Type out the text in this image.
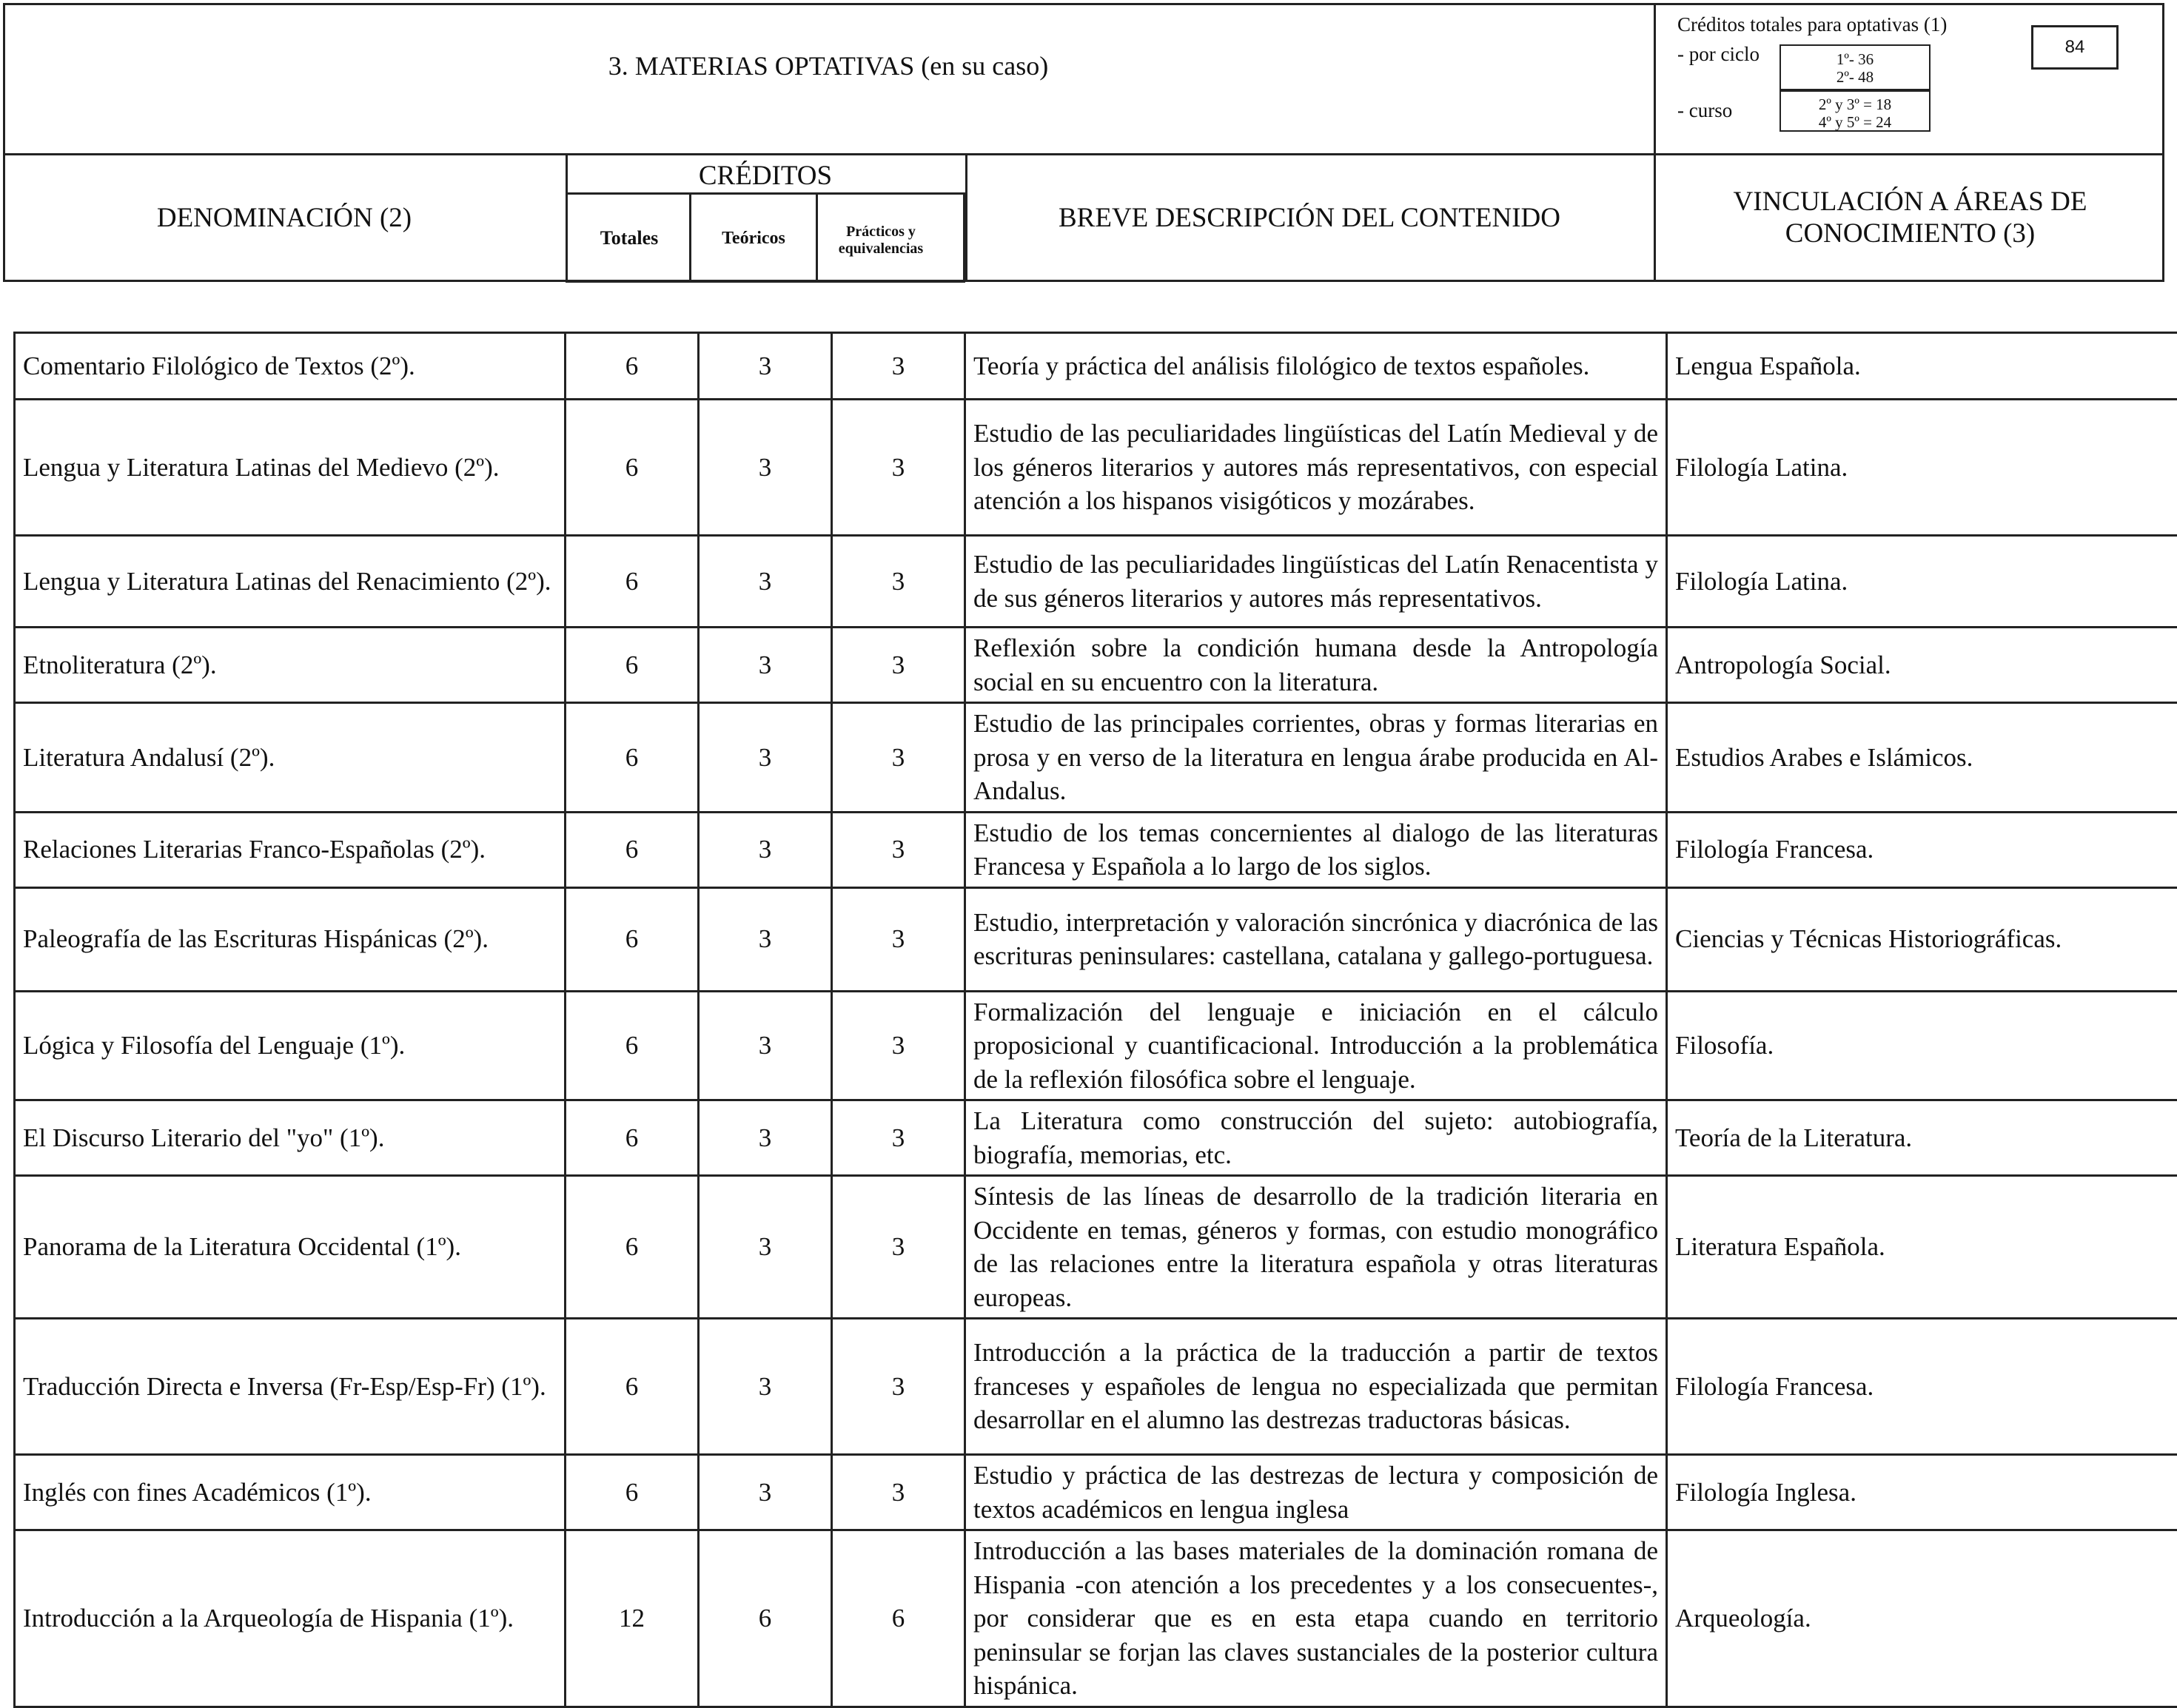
3. MATERIAS OPTATIVAS (en su caso)
Créditos totales para optativas (1)
84
- por ciclo	1º- 36
2º- 48
- curso	2º y 3º = 18
4º y 5º = 24
DENOMINACIÓN (2)
CRÉDITOS
Totales	Teóricos	Prácticos y equivalencias
BREVE DESCRIPCIÓN DEL CONTENIDO
VINCULACIÓN A ÁREAS DE CONOCIMIENTO (3)
Comentario Filológico de Textos (2º).	6	3	3	Teoría y práctica del análisis filológico de textos españoles.	Lengua Española.
Lengua y Literatura Latinas del Medievo (2º).	6	3	3	Estudio de las peculiaridades lingüísticas del Latín Medieval y de los géneros literarios y autores más representativos, con especial atención a los hispanos visigóticos y mozárabes.	Filología Latina.
Lengua y Literatura Latinas del Renacimiento (2º).	6	3	3	Estudio de las peculiaridades lingüísticas del Latín Renacentista y de sus géneros literarios y autores más representativos.	Filología Latina.
Etnoliteratura (2º).	6	3	3	Reflexión sobre la condición humana desde la Antropología social en su encuentro con la literatura.	Antropología Social.
Literatura Andalusí (2º).	6	3	3	Estudio de las principales corrientes, obras y formas literarias en prosa y en verso de la literatura en lengua árabe producida en Al-Andalus.	Estudios Arabes e Islámicos.
Relaciones Literarias Franco-Españolas (2º).	6	3	3	Estudio de los temas concernientes al dialogo de las literaturas Francesa y Española a lo largo de los siglos.	Filología Francesa.
Paleografía de las Escrituras Hispánicas (2º).	6	3	3	Estudio, interpretación y valoración sincrónica y diacrónica de las escrituras peninsulares: castellana, catalana y gallego-portuguesa.	Ciencias y Técnicas Historiográficas.
Lógica y Filosofía del Lenguaje (1º).	6	3	3	Formalización del lenguaje e iniciación en el cálculo proposicional y cuantificacional. Introducción a la problemática de la reflexión filosófica sobre el lenguaje.	Filosofía.
El Discurso Literario del "yo" (1º).	6	3	3	La Literatura como construcción del sujeto: autobiografía, biografía, memorias, etc.	Teoría de la Literatura.
Panorama de la Literatura Occidental (1º).	6	3	3	Síntesis de las líneas de desarrollo de la tradición literaria en Occidente en temas, géneros y formas, con estudio monográfico de las relaciones entre la literatura española y otras literaturas europeas.	Literatura Española.
Traducción Directa e Inversa (Fr-Esp/Esp-Fr) (1º).	6	3	3	Introducción a la práctica de la traducción a partir de textos franceses y españoles de lengua no especializada que permitan desarrollar en el alumno las destrezas traductoras básicas.	Filología Francesa.
Inglés con fines Académicos (1º).	6	3	3	Estudio y práctica de las destrezas de lectura y composición de textos académicos en lengua inglesa	Filología Inglesa.
Introducción a la Arqueología de Hispania (1º).	12	6	6	Introducción a las bases materiales de la dominación romana de Hispania -con atención a los precedentes y a los consecuentes-, por considerar que es en esta etapa cuando en territorio peninsular se forjan las claves sustanciales de la posterior cultura hispánica.	Arqueología.
